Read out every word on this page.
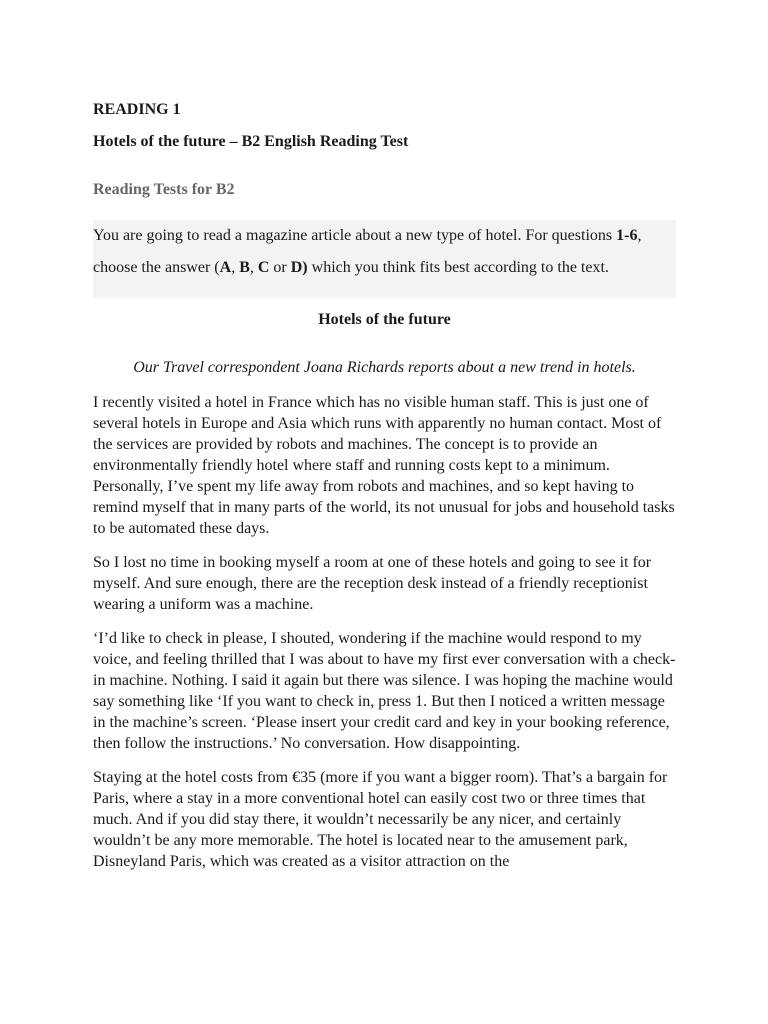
READING 1

Hotels of the future – B2 English Reading Test

Reading Tests for B2

You are going to read a magazine article about a new type of hotel. For questions 1-6, choose the answer (A, B, C or D) which you think fits best according to the text.

Hotels of the future

Our Travel correspondent Joana Richards reports about a new trend in hotels.

I recently visited a hotel in France which has no visible human staff. This is just one of several hotels in Europe and Asia which runs with apparently no human contact. Most of the services are provided by robots and machines. The concept is to provide an environmentally friendly hotel where staff and running costs kept to a minimum. Personally, I’ve spent my life away from robots and machines, and so kept having to remind myself that in many parts of the world, its not unusual for jobs and household tasks to be automated these days.

So I lost no time in booking myself a room at one of these hotels and going to see it for myself. And sure enough, there are the reception desk instead of a friendly receptionist wearing a uniform was a machine.

‘I’d like to check in please, I shouted, wondering if the machine would respond to my voice, and feeling thrilled that I was about to have my first ever conversation with a check-in machine. Nothing. I said it again but there was silence. I was hoping the machine would say something like ‘If you want to check in, press 1. But then I noticed a written message in the machine’s screen. ‘Please insert your credit card and key in your booking reference, then follow the instructions.’ No conversation. How disappointing.

Staying at the hotel costs from €35 (more if you want a bigger room). That’s a bargain for Paris, where a stay in a more conventional hotel can easily cost two or three times that much. And if you did stay there, it wouldn’t necessarily be any nicer, and certainly wouldn’t be any more memorable. The hotel is located near to the amusement park, Disneyland Paris, which was created as a visitor attraction on the
